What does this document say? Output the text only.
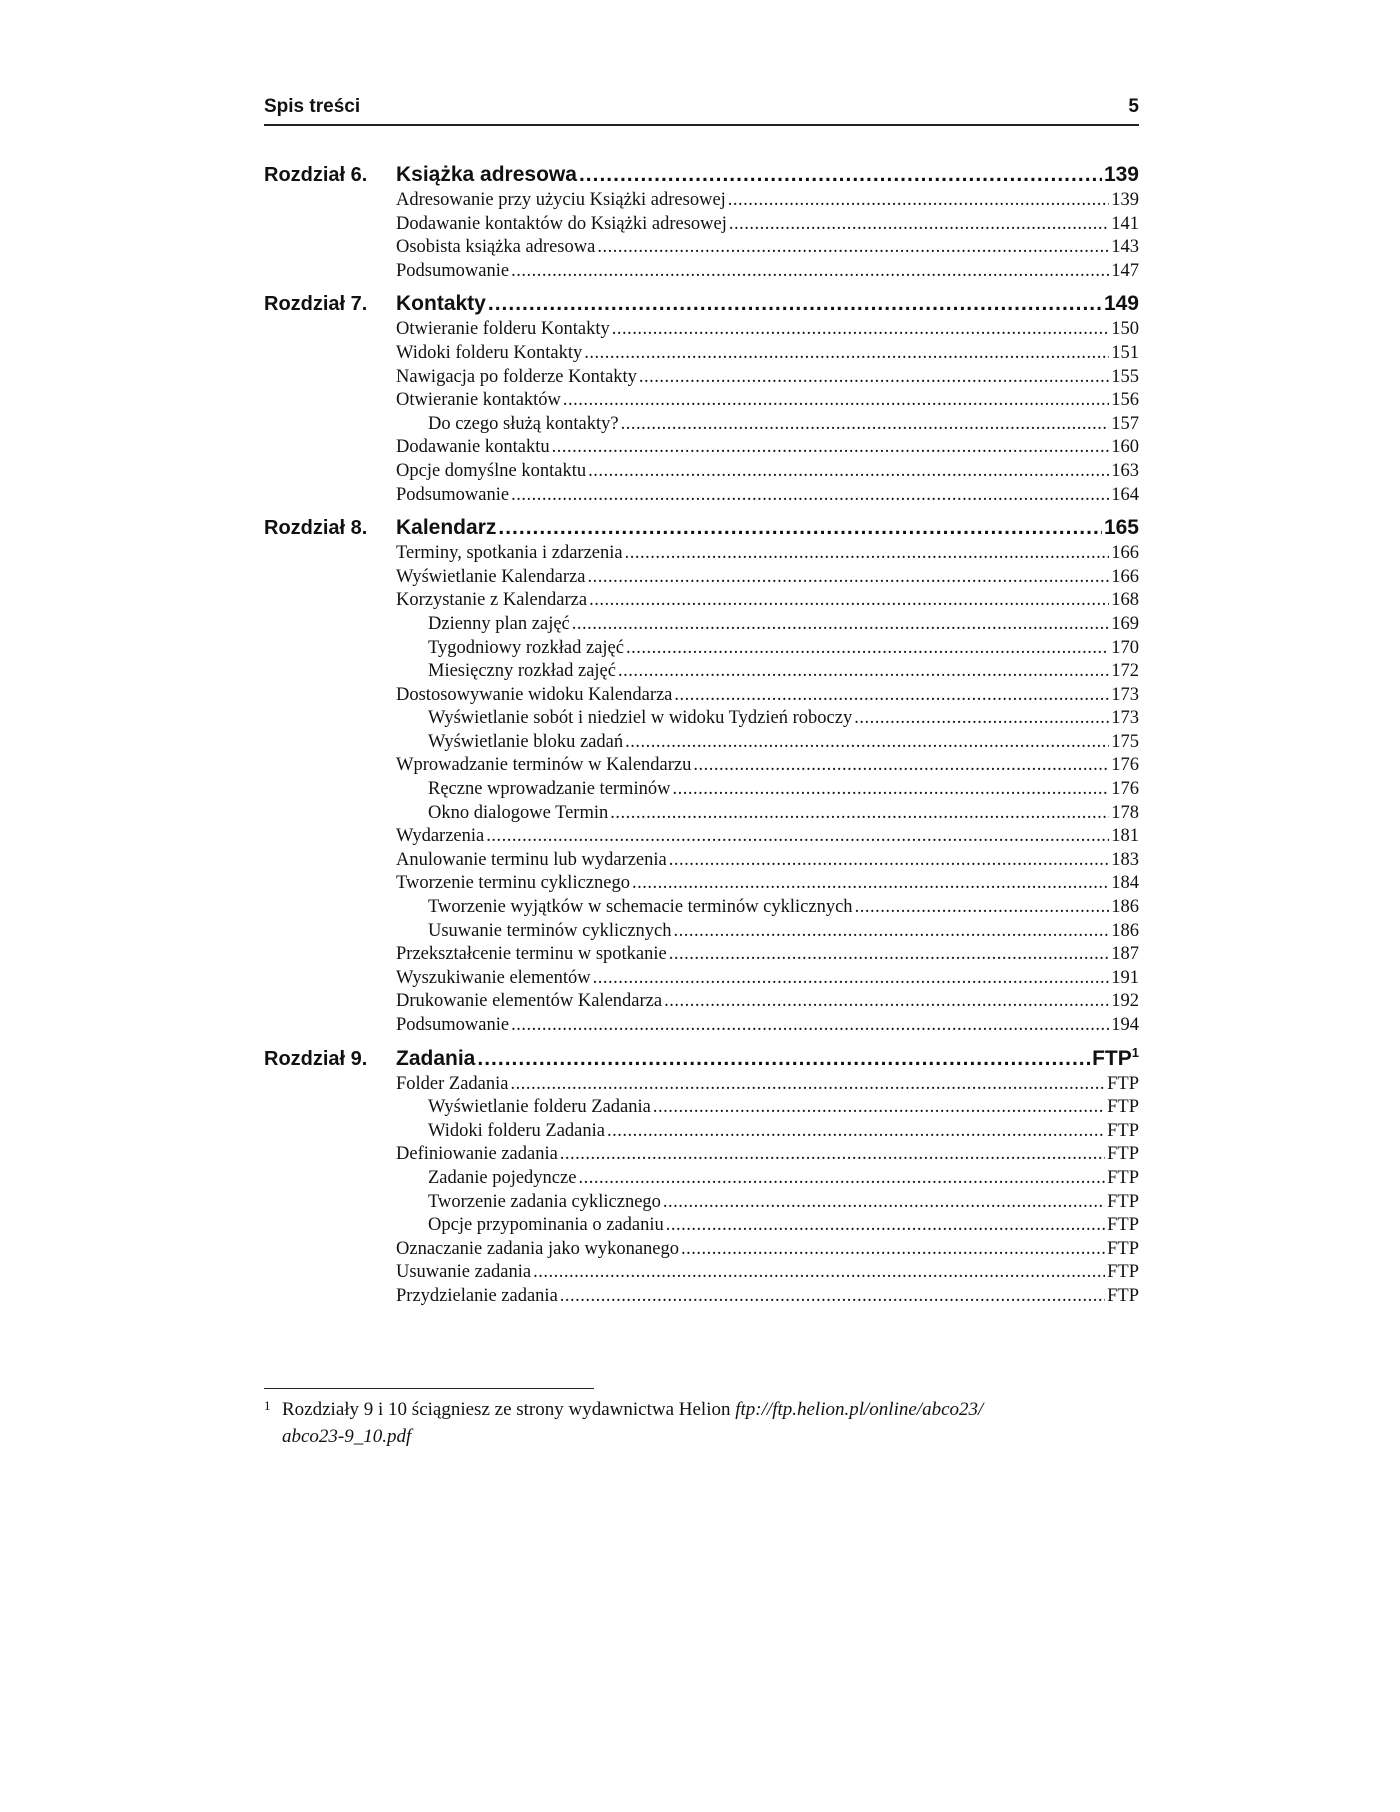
Spis treści	5
Rozdział 6. Książka adresowa .....	139
Adresowanie przy użyciu Książki adresowej .....	139
Dodawanie kontaktów do Książki adresowej .....	141
Osobista książka adresowa .....	143
Podsumowanie .....	147
Rozdział 7. Kontakty .....	149
Otwieranie folderu Kontakty .....	150
Widoki folderu Kontakty .....	151
Nawigacja po folderze Kontakty .....	155
Otwieranie kontaktów .....	156
Do czego służą kontakty? .....	157
Dodawanie kontaktu .....	160
Opcje domyślne kontaktu .....	163
Podsumowanie .....	164
Rozdział 8. Kalendarz .....	165
Terminy, spotkania i zdarzenia .....	166
Wyświetlanie Kalendarza .....	166
Korzystanie z Kalendarza .....	168
Dzienny plan zajęć .....	169
Tygodniowy rozkład zajęć .....	170
Miesięczny rozkład zajęć .....	172
Dostosowywanie widoku Kalendarza .....	173
Wyświetlanie sobót i niedziel w widoku Tydzień roboczy .....	173
Wyświetlanie bloku zadań .....	175
Wprowadzanie terminów w Kalendarzu .....	176
Ręczne wprowadzanie terminów .....	176
Okno dialogowe Termin .....	178
Wydarzenia .....	181
Anulowanie terminu lub wydarzenia .....	183
Tworzenie terminu cyklicznego .....	184
Tworzenie wyjątków w schemacie terminów cyklicznych .....	186
Usuwanie terminów cyklicznych .....	186
Przekształcenie terminu w spotkanie .....	187
Wyszukiwanie elementów .....	191
Drukowanie elementów Kalendarza .....	192
Podsumowanie .....	194
Rozdział 9. Zadania .....	FTP$^1$
Folder Zadania .....	FTP
Wyświetlanie folderu Zadania .....	FTP
Widoki folderu Zadania .....	FTP
Definiowanie zadania .....	FTP
Zadanie pojedyncze .....	FTP
Tworzenie zadania cyklicznego .....	FTP
Opcje przypominania o zadaniu .....	FTP
Oznaczanie zadania jako wykonanego .....	FTP
Usuwanie zadania .....	FTP
Przydzielanie zadania .....	FTP
1 Rozdziały 9 i 10 ściągniesz ze strony wydawnictwa Helion ftp://ftp.helion.pl/online/abco23/
abco23-9_10.pdf
